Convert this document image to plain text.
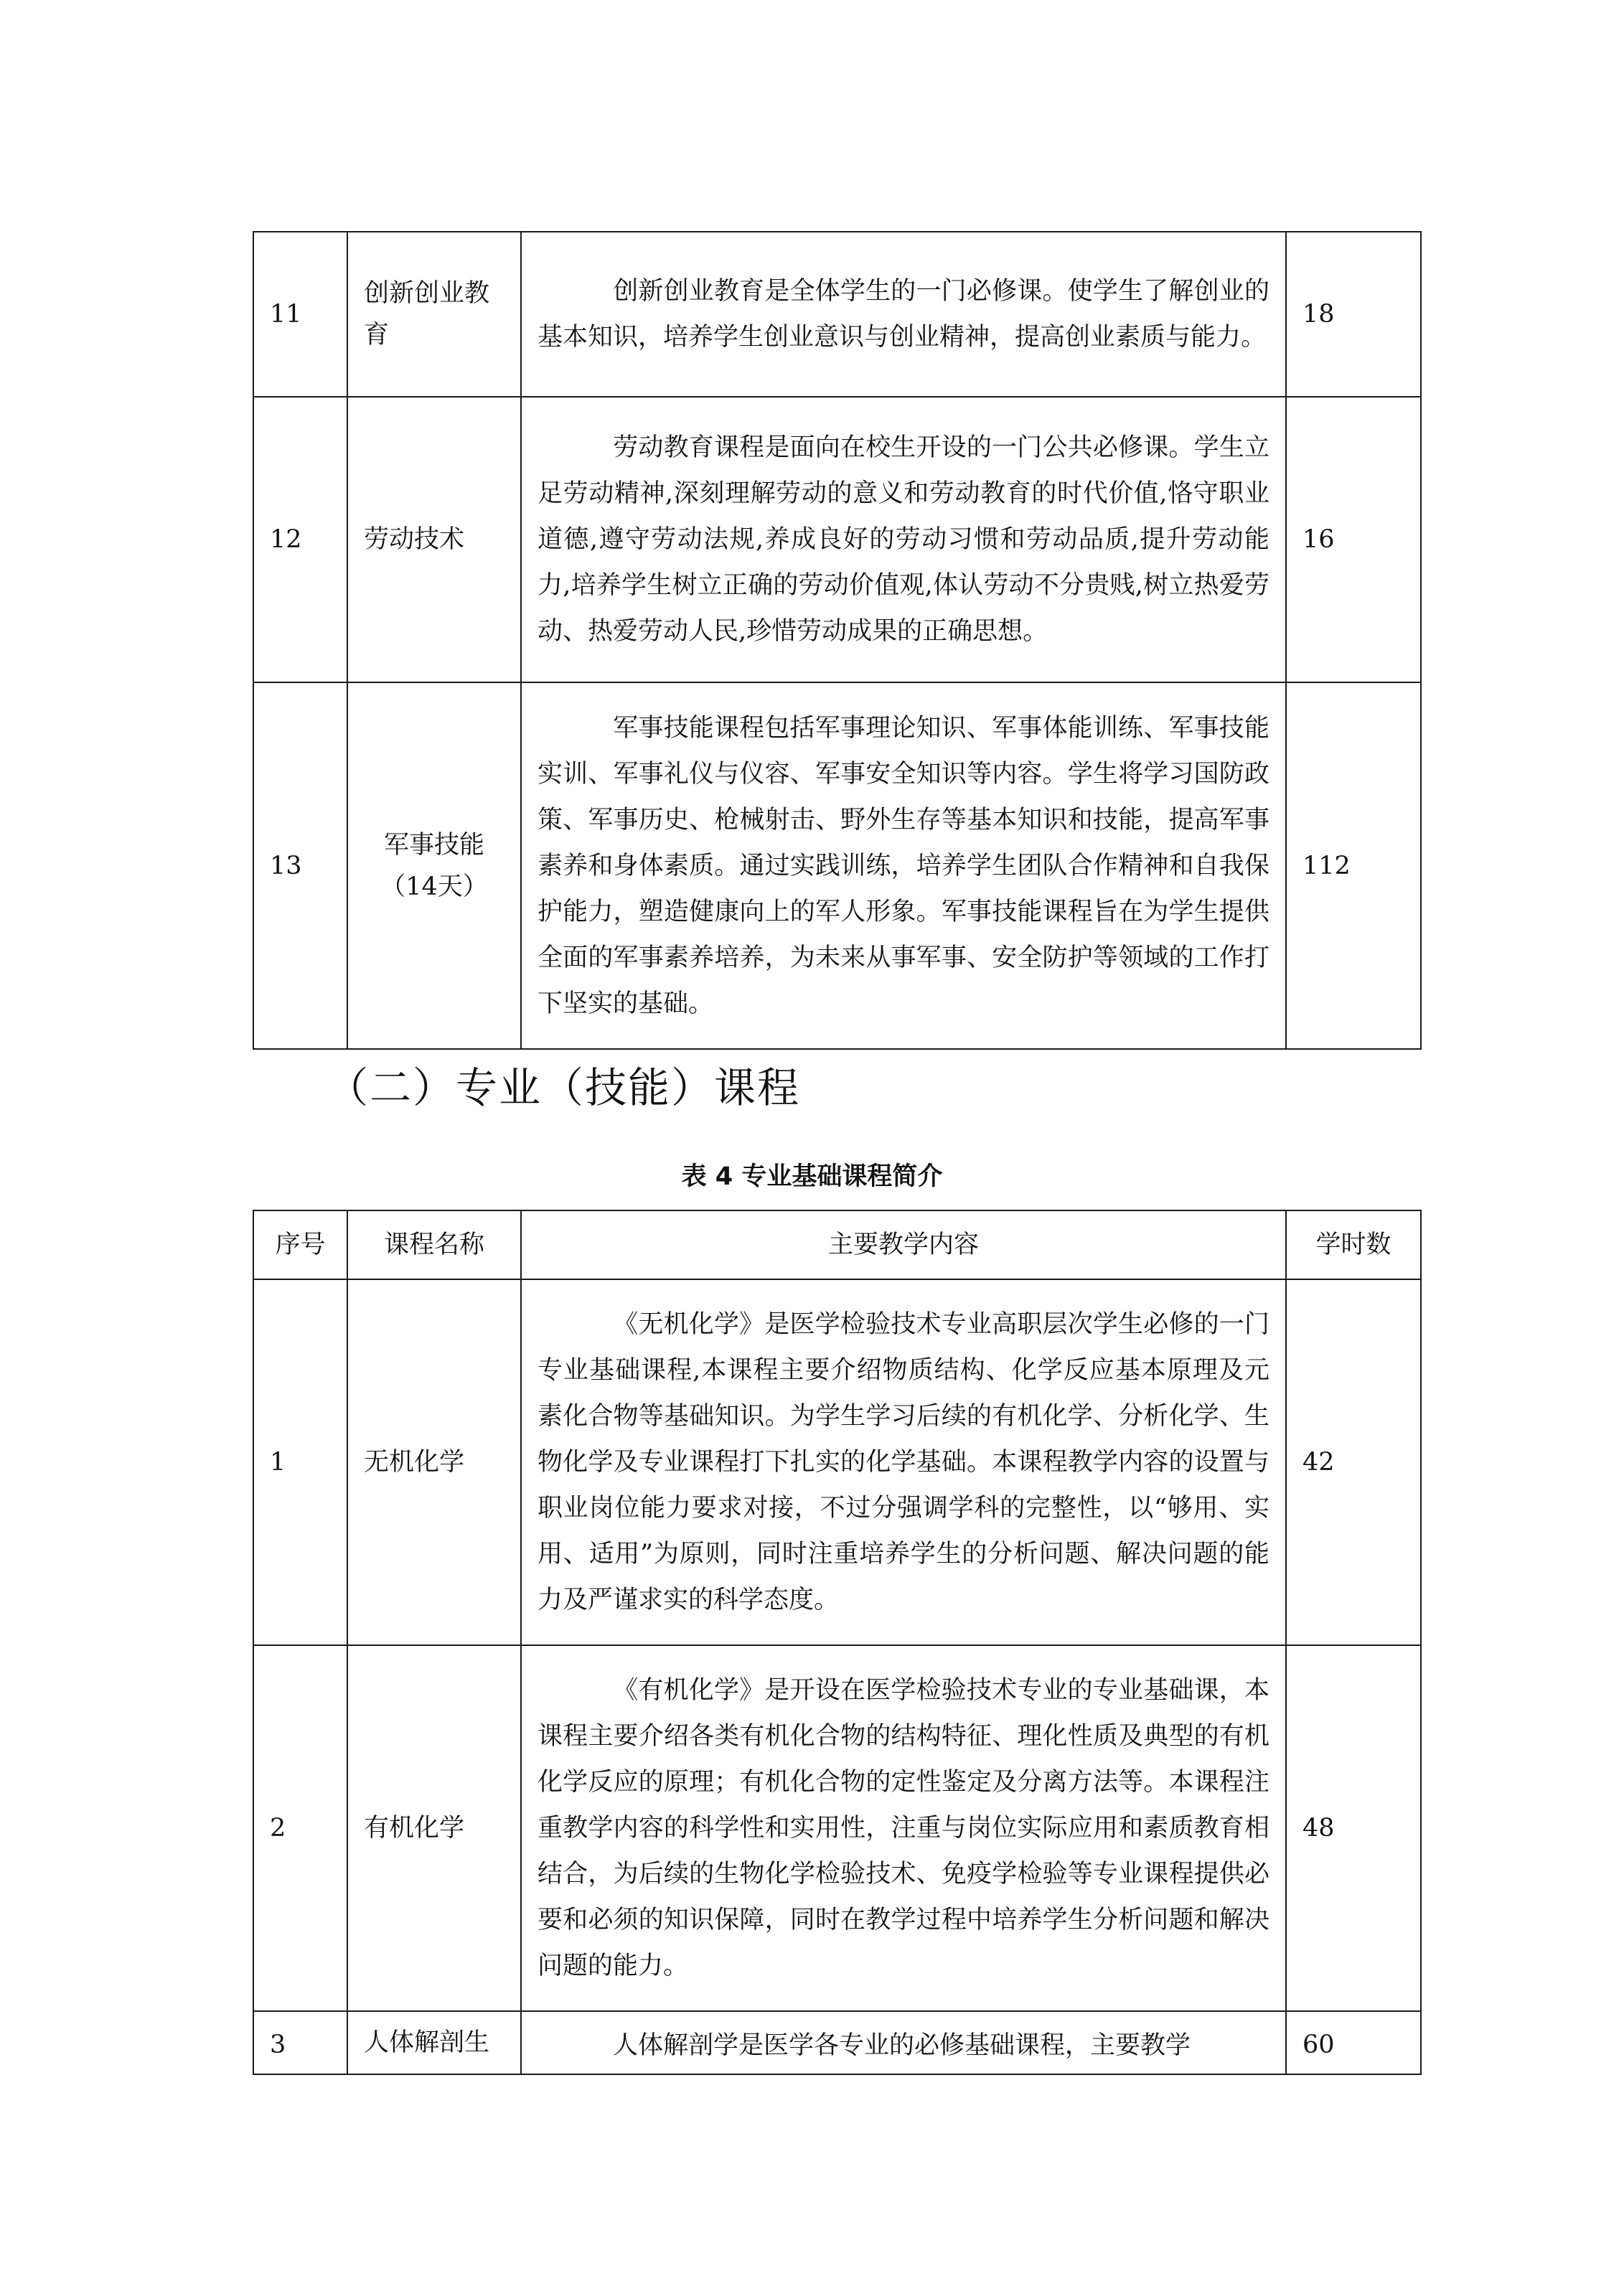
11	创新创业教育	创新创业教育是全体学生的一门必修课。使学生了解创业的基本知识，培养学生创业意识与创业精神，提高创业素质与能力。	18
12	劳动技术	劳动教育课程是面向在校生开设的一门公共必修课。学生立足劳动精神,深刻理解劳动的意义和劳动教育的时代价值,恪守职业道德,遵守劳动法规,养成良好的劳动习惯和劳动品质,提升劳动能力,培养学生树立正确的劳动价值观,体认劳动不分贵贱,树立热爱劳动、热爱劳动人民,珍惜劳动成果的正确思想。	16
13	军事技能（14天）	军事技能课程包括军事理论知识、军事体能训练、军事技能实训、军事礼仪与仪容、军事安全知识等内容。学生将学习国防政策、军事历史、枪械射击、野外生存等基本知识和技能，提高军事素养和身体素质。通过实践训练，培养学生团队合作精神和自我保护能力，塑造健康向上的军人形象。军事技能课程旨在为学生提供全面的军事素养培养，为未来从事军事、安全防护等领域的工作打下坚实的基础。	112
（二）专业（技能）课程
表 4 专业基础课程简介
序号	课程名称	主要教学内容	学时数
1	无机化学	《无机化学》是医学检验技术专业高职层次学生必修的一门专业基础课程,本课程主要介绍物质结构、化学反应基本原理及元素化合物等基础知识。为学生学习后续的有机化学、分析化学、生物化学及专业课程打下扎实的化学基础。本课程教学内容的设置与职业岗位能力要求对接，不过分强调学科的完整性，以“够用、实用、适用”为原则，同时注重培养学生的分析问题、解决问题的能力及严谨求实的科学态度。	42
2	有机化学	《有机化学》是开设在医学检验技术专业的专业基础课，本课程主要介绍各类有机化合物的结构特征、理化性质及典型的有机化学反应的原理；有机化合物的定性鉴定及分离方法等。本课程注重教学内容的科学性和实用性，注重与岗位实际应用和素质教育相结合，为后续的生物化学检验技术、免疫学检验等专业课程提供必要和必须的知识保障，同时在教学过程中培养学生分析问题和解决问题的能力。	48
3	人体解剖生	人体解剖学是医学各专业的必修基础课程，主要教学	60
